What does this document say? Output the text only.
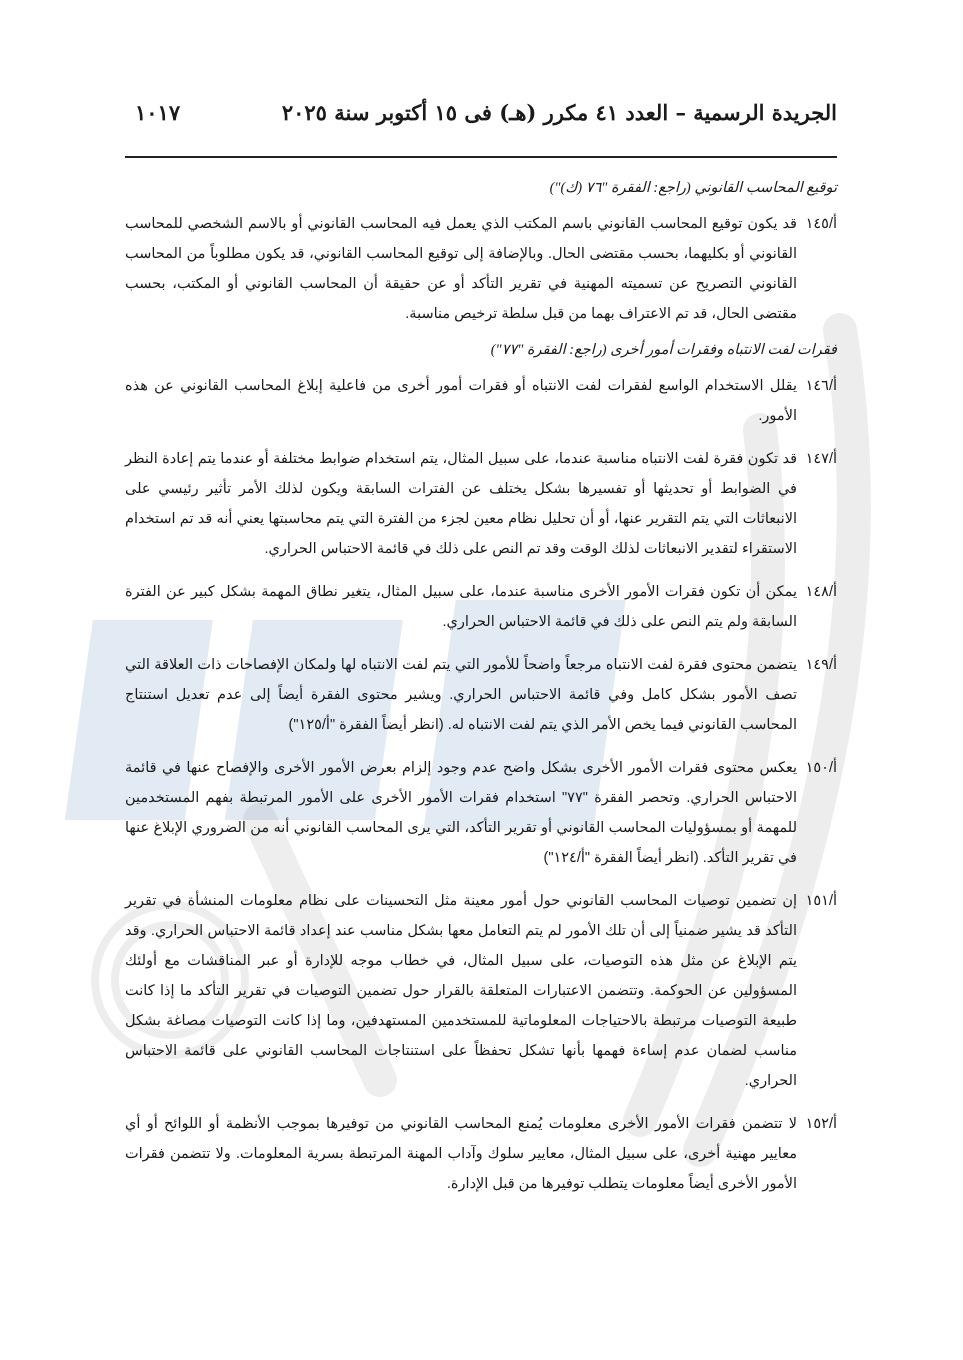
الجريدة الرسمية – العدد ٤١ مكرر (هـ) فى ١٥ أكتوبر سنة ٢٠٢٥
١٠١٧

توقيع المحاسب القانوني (راجع: الفقرة "٧٦ (ك)")

أ/١٤٥
قد يكون توقيع المحاسب القانوني باسم المكتب الذي يعمل فيه المحاسب القانوني أو بالاسم الشخصي للمحاسب القانوني أو بكليهما، بحسب مقتضى الحال. وبالإضافة إلى توقيع المحاسب القانوني، قد يكون مطلوباً من المحاسب القانوني التصريح عن تسميته المهنية في تقرير التأكد أو عن حقيقة أن المحاسب القانوني أو المكتب، بحسب مقتضى الحال، قد تم الاعتراف بهما من قبل سلطة ترخيص مناسبة.

فقرات لفت الانتباه وفقرات أمور أخرى (راجع: الفقرة "٧٧")

أ/١٤٦
يقلل الاستخدام الواسع لفقرات لفت الانتباه أو فقرات أمور أخرى من فاعلية إبلاغ المحاسب القانوني عن هذه الأمور.
أ/١٤٧
قد تكون فقرة لفت الانتباه مناسبة عندما، على سبيل المثال، يتم استخدام ضوابط مختلفة أو عندما يتم إعادة النظر في الضوابط أو تحديثها أو تفسيرها بشكل يختلف عن الفترات السابقة ويكون لذلك الأمر تأثير رئيسي على الانبعاثات التي يتم التقرير عنها، أو أن تحليل نظام معين لجزء من الفترة التي يتم محاسبتها يعني أنه قد تم استخدام الاستقراء لتقدير الانبعاثات لذلك الوقت وقد تم النص على ذلك في قائمة الاحتباس الحراري.
أ/١٤٨
يمكن أن تكون فقرات الأمور الأخرى مناسبة عندما، على سبيل المثال، يتغير نطاق المهمة بشكل كبير عن الفترة السابقة ولم يتم النص على ذلك في قائمة الاحتباس الحراري.
أ/١٤٩
يتضمن محتوى فقرة لفت الانتباه مرجعاً واضحاً للأمور التي يتم لفت الانتباه لها ولمكان الإفصاحات ذات العلاقة التي تصف الأمور بشكل كامل وفي قائمة الاحتباس الحراري. ويشير محتوى الفقرة أيضاً إلى عدم تعديل استنتاج المحاسب القانوني فيما يخص الأمر الذي يتم لفت الانتباه له. (انظر أيضاً الفقرة "أ/١٢٥")
أ/١٥٠
يعكس محتوى فقرات الأمور الأخرى بشكل واضح عدم وجود إلزام بعرض الأمور الأخرى والإفصاح عنها في قائمة الاحتباس الحراري. وتحصر الفقرة "٧٧" استخدام فقرات الأمور الأخرى على الأمور المرتبطة بفهم المستخدمين للمهمة أو بمسؤوليات المحاسب القانوني أو تقرير التأكد، التي يرى المحاسب القانوني أنه من الضروري الإبلاغ عنها في تقرير التأكد. (انظر أيضاً الفقرة "أ/١٢٤")
أ/١٥١
إن تضمين توصيات المحاسب القانوني حول أمور معينة مثل التحسينات على نظام معلومات المنشأة في تقرير التأكد قد يشير ضمنياً إلى أن تلك الأمور لم يتم التعامل معها بشكل مناسب عند إعداد قائمة الاحتباس الحراري. وقد يتم الإبلاغ عن مثل هذه التوصيات، على سبيل المثال، في خطاب موجه للإدارة أو عبر المناقشات مع أولئك المسؤولين عن الحوكمة. وتتضمن الاعتبارات المتعلقة بالقرار حول تضمين التوصيات في تقرير التأكد ما إذا كانت طبيعة التوصيات مرتبطة بالاحتياجات المعلوماتية للمستخدمين المستهدفين، وما إذا كانت التوصيات مصاغة بشكل مناسب لضمان عدم إساءة فهمها بأنها تشكل تحفظاً على استنتاجات المحاسب القانوني على قائمة الاحتباس الحراري.
أ/١٥٢
لا تتضمن فقرات الأمور الأخرى معلومات يُمنع المحاسب القانوني من توفيرها بموجب الأنظمة أو اللوائح أو أي معايير مهنية أخرى، على سبيل المثال، معايير سلوك وآداب المهنة المرتبطة بسرية المعلومات. ولا تتضمن فقرات الأمور الأخرى أيضاً معلومات يتطلب توفيرها من قبل الإدارة.
